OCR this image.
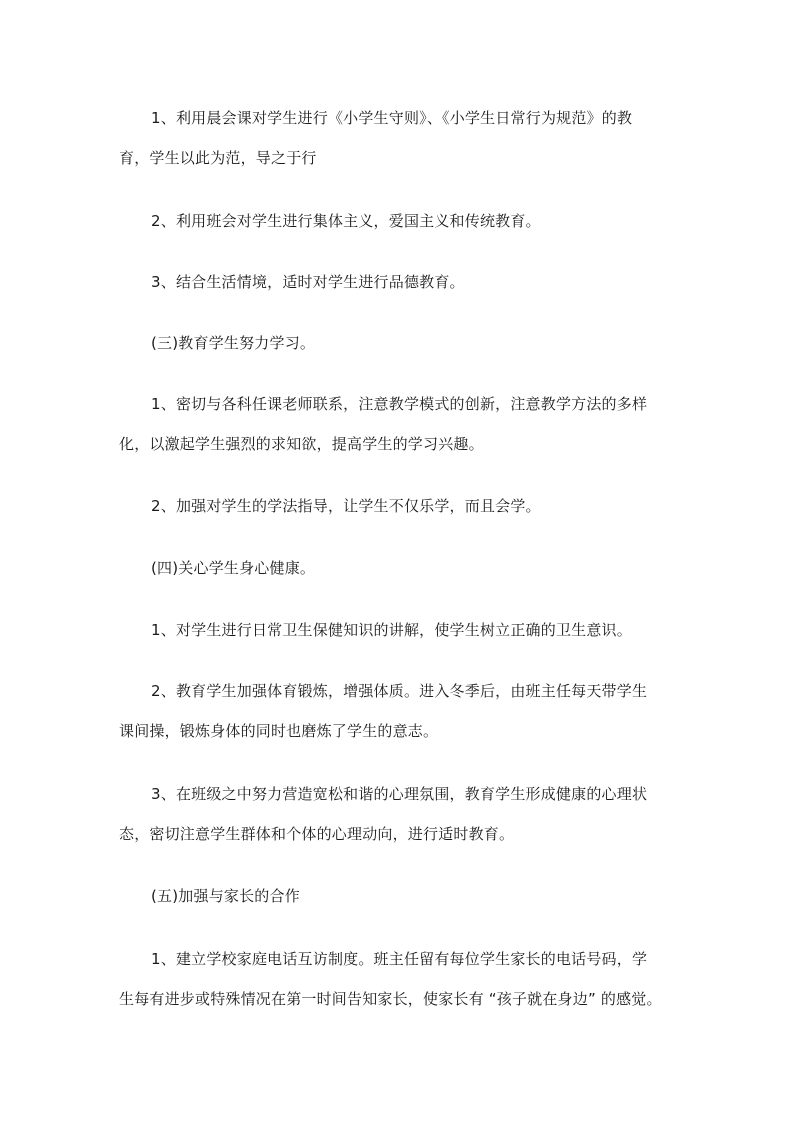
1、利用晨会课对学生进行《小学生守则》、《小学生日常行为规范》的教
育，学生以此为范，导之于行

2、利用班会对学生进行集体主义，爱国主义和传统教育。

3、结合生活情境，适时对学生进行品德教育。

(三)教育学生努力学习。

1、密切与各科任课老师联系，注意教学模式的创新，注意教学方法的多样
化，以激起学生强烈的求知欲，提高学生的学习兴趣。

2、加强对学生的学法指导，让学生不仅乐学，而且会学。

(四)关心学生身心健康。

1、对学生进行日常卫生保健知识的讲解，使学生树立正确的卫生意识。

2、教育学生加强体育锻炼，增强体质。进入冬季后，由班主任每天带学生
课间操，锻炼身体的同时也磨炼了学生的意志。

3、在班级之中努力营造宽松和谐的心理氛围，教育学生形成健康的心理状
态，密切注意学生群体和个体的心理动向，进行适时教育。

(五)加强与家长的合作

1、建立学校家庭电话互访制度。班主任留有每位学生家长的电话号码，学
生每有进步或特殊情况在第一时间告知家长，使家长有 “孩子就在身边” 的感觉。
